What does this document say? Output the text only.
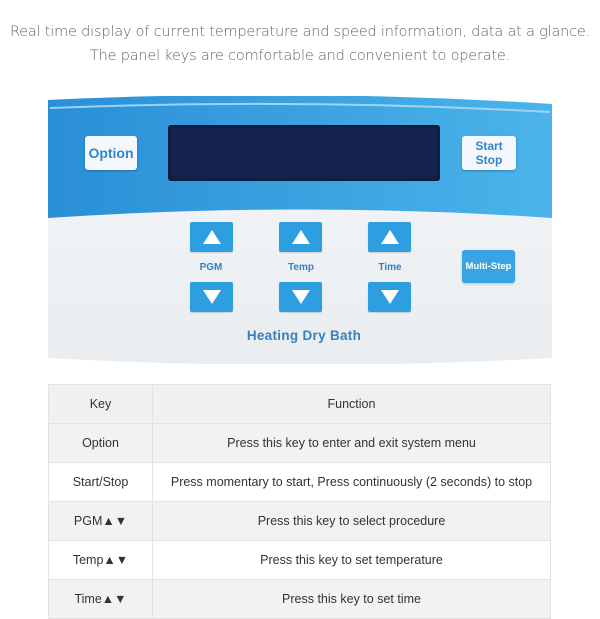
Real time display of current temperature and speed information, data at a glance.
The panel keys are comfortable and convenient to operate.
Option	Start
Stop
PGM	Temp	Time	Multi-Step
Heating Dry Bath
Key	Function
Option	Press this key to enter and exit system menu
Start/Stop	Press momentary to start, Press continuously (2 seconds) to stop
PGM▲▼	Press this key to select procedure
Temp▲▼	Press this key to set temperature
Time▲▼	Press this key to set time
